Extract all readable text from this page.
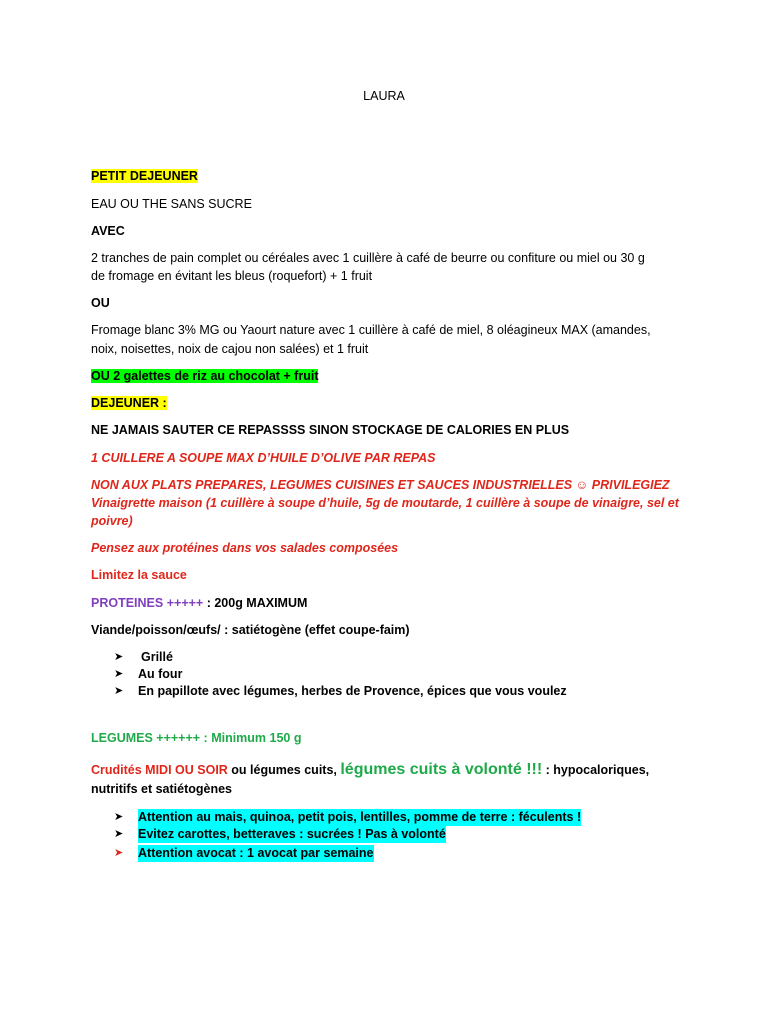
LAURA
PETIT DEJEUNER
EAU OU THE SANS SUCRE
AVEC
2 tranches de pain complet ou céréales avec 1 cuillère à café de beurre ou confiture ou miel ou 30 g
de fromage en évitant les bleus (roquefort) + 1 fruit
OU
Fromage blanc 3% MG ou Yaourt nature avec 1 cuillère à café de miel, 8 oléagineux MAX (amandes,
noix, noisettes, noix de cajou non salées) et 1 fruit
OU 2 galettes de riz au chocolat + fruit
DEJEUNER :
NE JAMAIS SAUTER CE REPASSSS SINON STOCKAGE DE CALORIES EN PLUS
1 CUILLERE A SOUPE MAX D’HUILE D’OLIVE PAR REPAS
NON AUX PLATS PREPARES, LEGUMES CUISINES ET SAUCES INDUSTRIELLES ☺ PRIVILEGIEZ
Vinaigrette maison (1 cuillère à soupe d’huile, 5g de moutarde, 1 cuillère à soupe de vinaigre, sel et
poivre)
Pensez aux protéines dans vos salades composées
Limitez la sauce
PROTEINES +++++ : 200g MAXIMUM
Viande/poisson/œufs/ : satiétogène (effet coupe-faim)
➤	Grillé
➤	Au four
➤	En papillote avec légumes, herbes de Provence, épices que vous voulez
LEGUMES ++++++ : Minimum 150 g
Crudités MIDI OU SOIR ou légumes cuits, légumes cuits à volonté !!! : hypocaloriques,
nutritifs et satiétogènes
➤	Attention au mais, quinoa, petit pois, lentilles, pomme de terre : féculents !
➤	Evitez carottes, betteraves : sucrées ! Pas à volonté
➤	Attention avocat : 1 avocat par semaine
